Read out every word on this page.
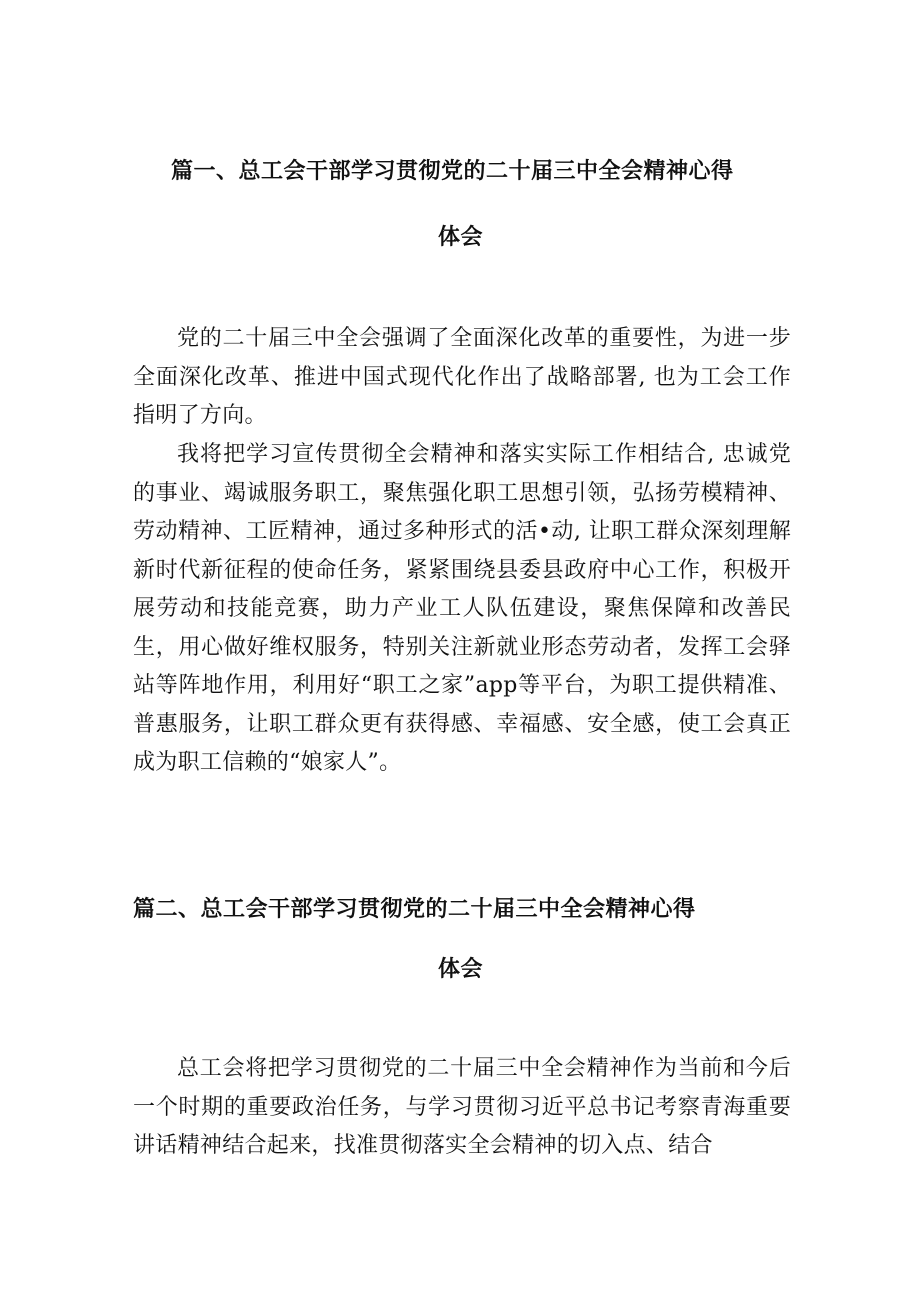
篇一、总工会干部学习贯彻党的二十届三中全会精神心得
体会

党的二十届三中全会强调了全面深化改革的重要性，为进一步全面深化改革、推进中国式现代化作出了战略部署, 也为工会工作指明了方向。

我将把学习宣传贯彻全会精神和落实实际工作相结合, 忠诚党的事业、竭诚服务职工，聚焦强化职工思想引领，弘扬劳模精神、劳动精神、工匠精神，通过多种形式的活•动, 让职工群众深刻理解新时代新征程的使命任务，紧紧围绕县委县政府中心工作，积极开展劳动和技能竞赛，助力产业工人队伍建设，聚焦保障和改善民生，用心做好维权服务，特别关注新就业形态劳动者，发挥工会驿站等阵地作用，利用好“职工之家”app等平台，为职工提供精准、普惠服务，让职工群众更有获得感、幸福感、安全感，使工会真正成为职工信赖的“娘家人”。

篇二、总工会干部学习贯彻党的二十届三中全会精神心得
体会

总工会将把学习贯彻党的二十届三中全会精神作为当前和今后一个时期的重要政治任务，与学习贯彻习近平总书记考察青海重要讲话精神结合起来，找准贯彻落实全会精神的切入点、结合
